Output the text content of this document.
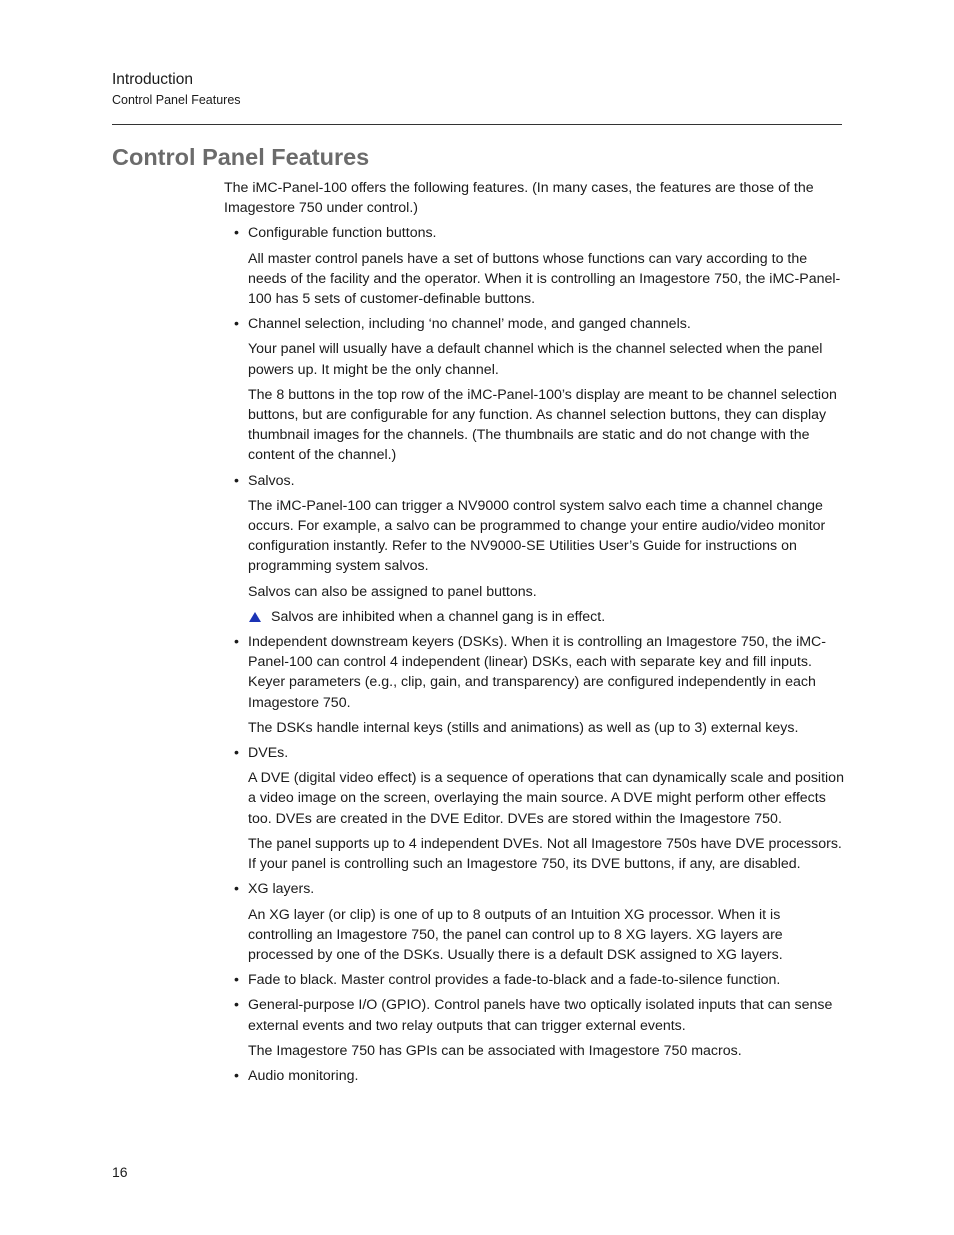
Introduction
Control Panel Features
Control Panel Features

The iMC-Panel-100 offers the following features. (In many cases, the features are those of the Imagestore 750 under control.)

• Configurable function buttons.

All master control panels have a set of buttons whose functions can vary according to the needs of the facility and the operator. When it is controlling an Imagestore 750, the iMC-Panel-100 has 5 sets of customer-definable buttons.

• Channel selection, including ‘no channel’ mode, and ganged channels.

Your panel will usually have a default channel which is the channel selected when the panel powers up. It might be the only channel.

The 8 buttons in the top row of the iMC-Panel-100’s display are meant to be channel selection buttons, but are configurable for any function. As channel selection buttons, they can display thumbnail images for the channels. (The thumbnails are static and do not change with the content of the channel.)

• Salvos.

The iMC-Panel-100 can trigger a NV9000 control system salvo each time a channel change occurs. For example, a salvo can be programmed to change your entire audio/video monitor configuration instantly. Refer to the NV9000-SE Utilities User’s Guide for instructions on programming system salvos.

Salvos can also be assigned to panel buttons.

Salvos are inhibited when a channel gang is in effect.

• Independent downstream keyers (DSKs). When it is controlling an Imagestore 750, the iMC-Panel-100 can control 4 independent (linear) DSKs, each with separate key and fill inputs. Keyer parameters (e.g., clip, gain, and transparency) are configured independently in each Imagestore 750.

The DSKs handle internal keys (stills and animations) as well as (up to 3) external keys.

• DVEs.

A DVE (digital video effect) is a sequence of operations that can dynamically scale and position a video image on the screen, overlaying the main source. A DVE might perform other effects too. DVEs are created in the DVE Editor. DVEs are stored within the Imagestore 750.

The panel supports up to 4 independent DVEs. Not all Imagestore 750s have DVE processors. If your panel is controlling such an Imagestore 750, its DVE buttons, if any, are disabled.

• XG layers.

An XG layer (or clip) is one of up to 8 outputs of an Intuition XG processor. When it is controlling an Imagestore 750, the panel can control up to 8 XG layers. XG layers are processed by one of the DSKs. Usually there is a default DSK assigned to XG layers.

• Fade to black. Master control provides a fade-to-black and a fade-to-silence function.
• General-purpose I/O (GPIO). Control panels have two optically isolated inputs that can sense external events and two relay outputs that can trigger external events.

The Imagestore 750 has GPIs can be associated with Imagestore 750 macros.

• Audio monitoring.
16
